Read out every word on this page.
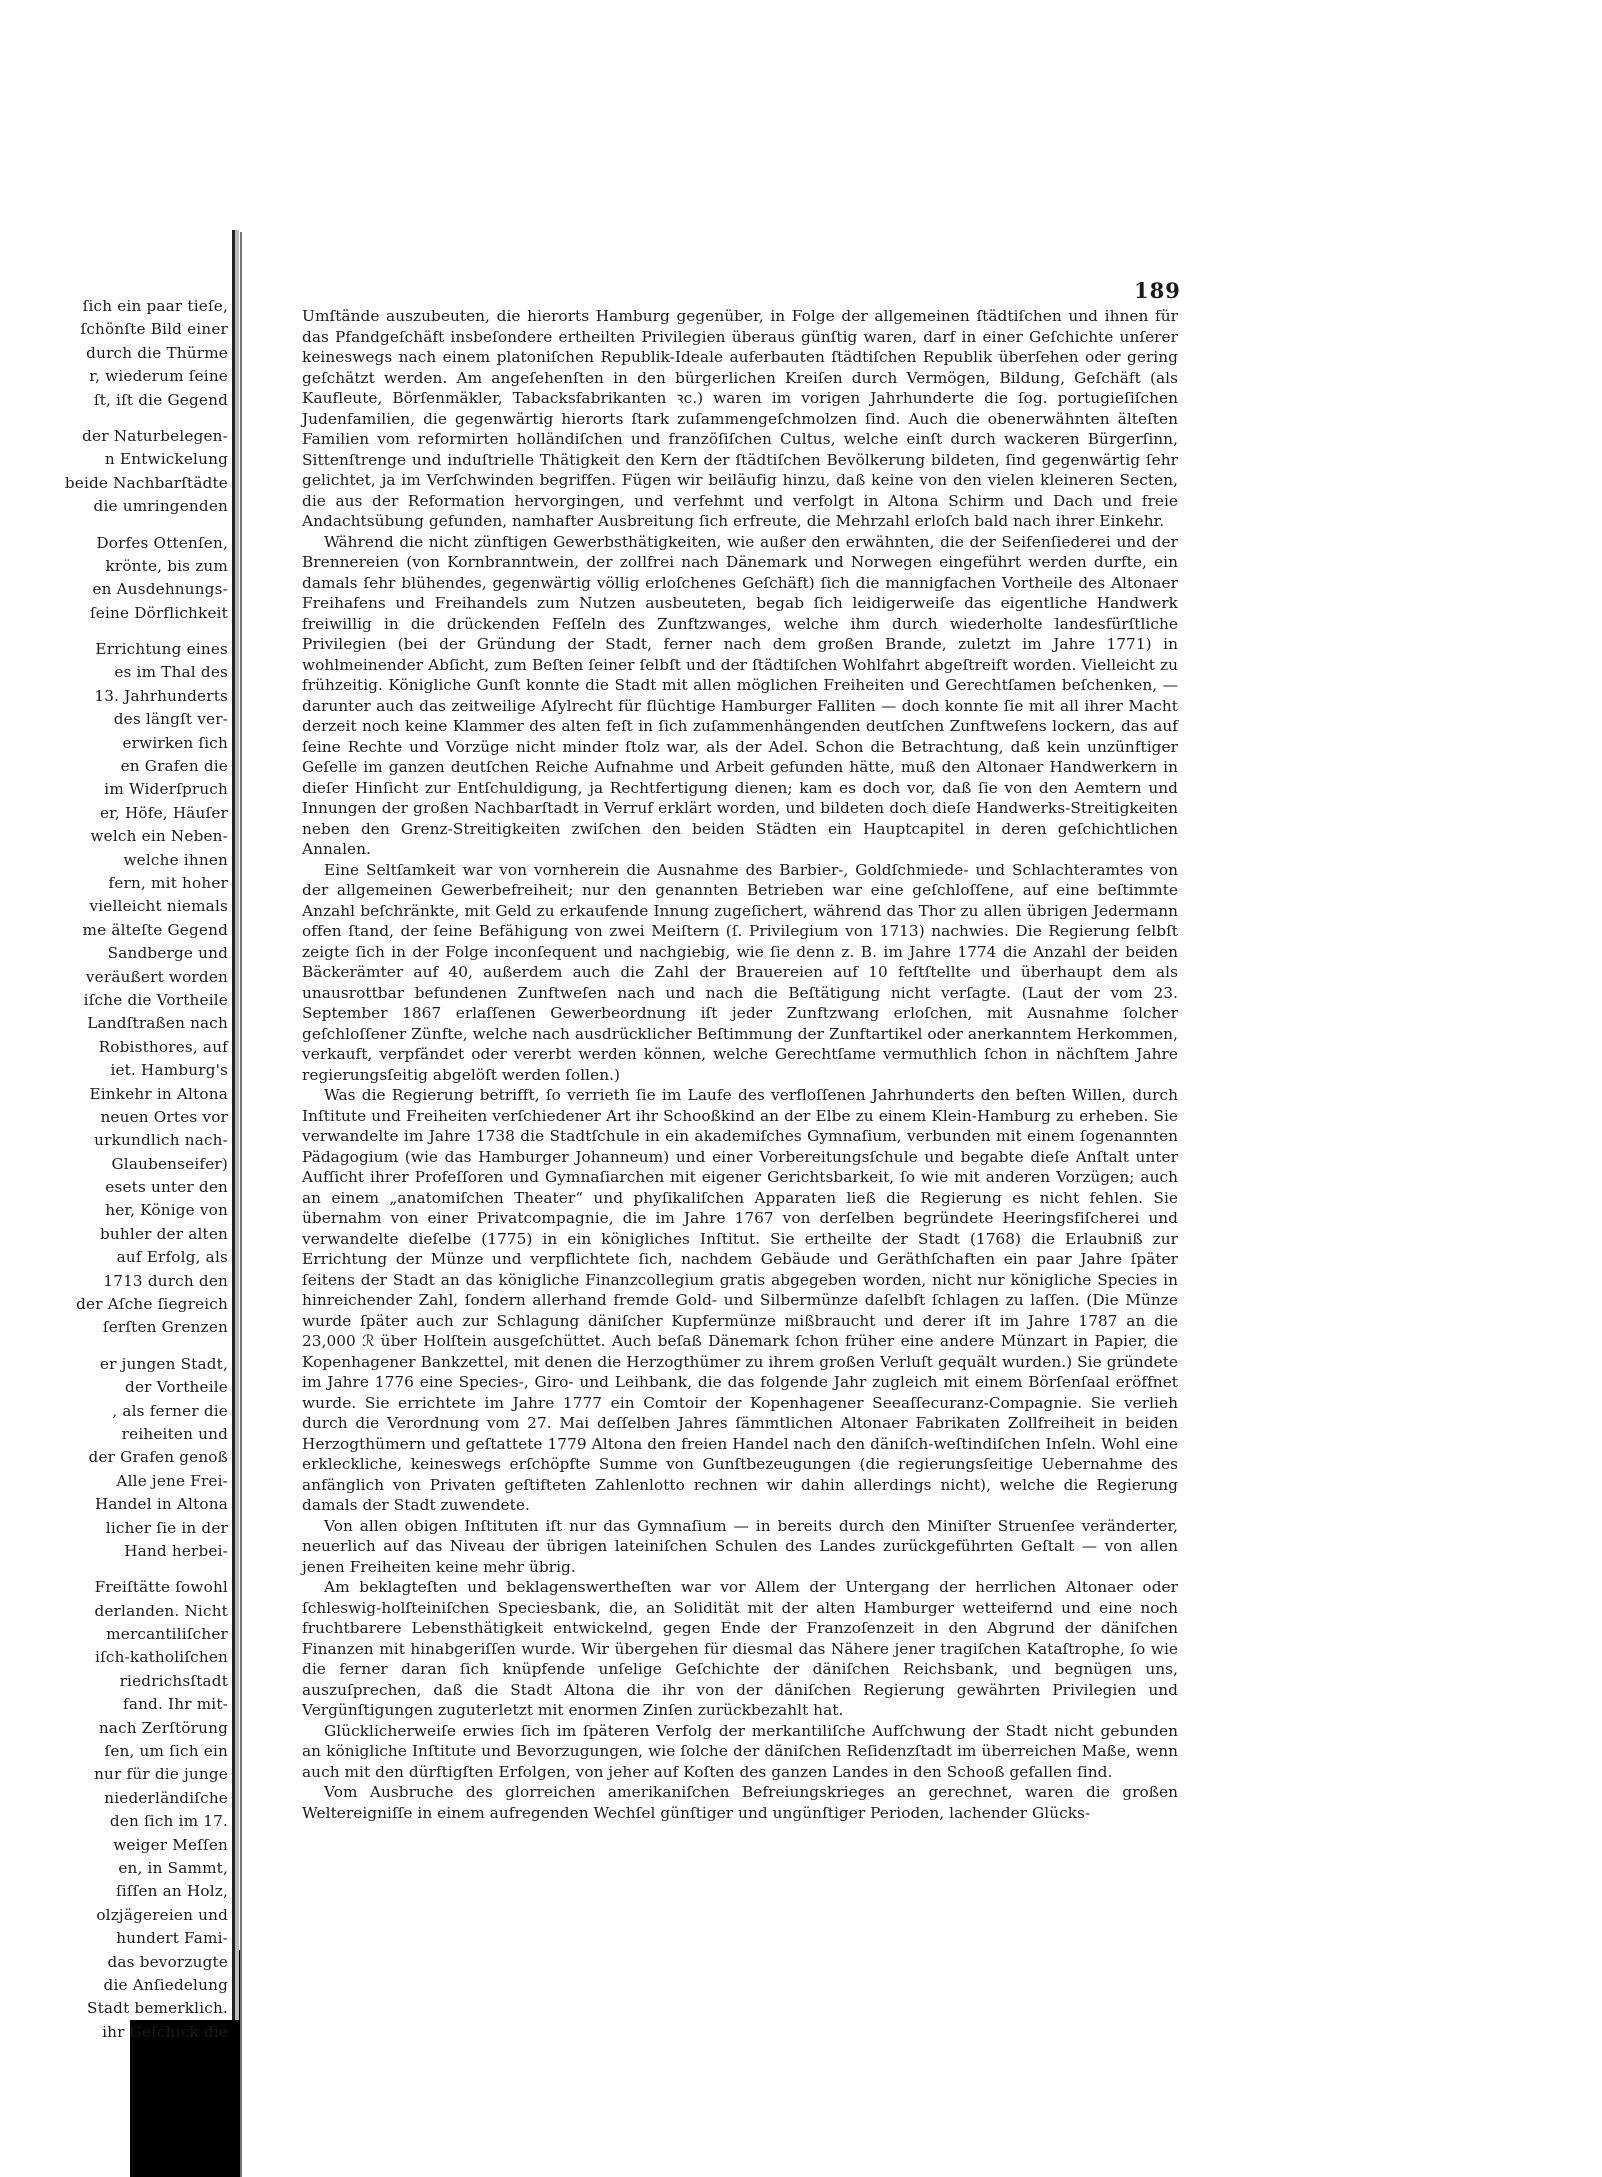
ſich ein paar tieſe,
ſchönſte Bild einer
durch die Thürme
r, wiederum ſeine
ſt, iſt die Gegend
der Naturbelegen-
n Entwickelung
beide Nachbarſtädte
die umringenden
Dorfes Ottenſen,
krönte, bis zum
en Ausdehnungs-
ſeine Dörflichkeit
Errichtung eines
es im Thal des
13. Jahrhunderts
des längſt ver-
erwirken ſich
en Grafen die
im Widerſpruch
er, Höfe, Häuſer
welch ein Neben-
welche ihnen
fern, mit hoher
vielleicht niemals
me älteſte Gegend
Sandberge und
veräußert worden
iſche die Vortheile
Landſtraßen nach
Robisthores, auf
iet. Hamburg's
Einkehr in Altona
neuen Ortes vor
urkundlich nach-
Glaubenseifer)
esets unter den
her, Könige von
buhler der alten
auf Erfolg, als
1713 durch den
der Aſche ſiegreich
ſerſten Grenzen
er jungen Stadt,
der Vortheile
, als ferner die
reiheiten und
der Grafen genoß
Alle jene Frei-
Handel in Altona
licher ſie in der
Hand herbei-
Freiſtätte ſowohl
derlanden. Nicht
mercantiliſcher
iſch-katholiſchen
riedrichsſtadt
fand. Ihr mit-
nach Zerſtörung
ſen, um ſich ein
nur für die junge
niederländiſche
den ſich im 17.
weiger Meſſen
en, in Sammt,
ſiſſen an Holz,
olzjägereien und
hundert Fami-
das bevorzugte
die Anſiedelung
Stadt bemerklich.
ihr Geſchick die
189

Umſtände auszubeuten, die hierorts Hamburg gegenüber, in Folge der allgemeinen ſtädtiſchen und ihnen für das Pfandgeſchäft insbeſondere ertheilten Privilegien überaus günſtig waren, darf in einer Geſchichte unſerer keineswegs nach einem platoniſchen Republik-Ideale auferbauten ſtädtiſchen Republik überſehen oder gering geſchätzt werden. Am angeſehenſten in den bürgerlichen Kreiſen durch Vermögen, Bildung, Geſchäft (als Kaufleute, Börſenmäkler, Tabacksfabrikanten ꝛc.) waren im vorigen Jahrhunderte die ſog. portugieſiſchen Judenfamilien, die gegenwärtig hierorts ſtark zuſammengeſchmolzen ſind. Auch die obenerwähnten älteſten Familien vom reformirten holländiſchen und franzöſiſchen Cultus, welche einſt durch wackeren Bürgerſinn, Sittenſtrenge und induſtrielle Thätigkeit den Kern der ſtädtiſchen Bevölkerung bildeten, ſind gegenwärtig ſehr gelichtet, ja im Verſchwinden begriffen. Fügen wir beiläufig hinzu, daß keine von den vielen kleineren Secten, die aus der Reformation hervorgingen, und verfehmt und verfolgt in Altona Schirm und Dach und freie Andachtsübung gefunden, namhafter Ausbreitung ſich erfreute, die Mehrzahl erloſch bald nach ihrer Einkehr.

Während die nicht zünftigen Gewerbsthätigkeiten, wie außer den erwähnten, die der Seifenſiederei und der Brennereien (von Kornbranntwein, der zollfrei nach Dänemark und Norwegen eingeführt werden durfte, ein damals ſehr blühendes, gegenwärtig völlig erloſchenes Geſchäft) ſich die mannigfachen Vortheile des Altonaer Freihafens und Freihandels zum Nutzen ausbeuteten, begab ſich leidigerweiſe das eigentliche Handwerk freiwillig in die drückenden Feſſeln des Zunftzwanges, welche ihm durch wiederholte landesfürſtliche Privilegien (bei der Gründung der Stadt, ferner nach dem großen Brande, zuletzt im Jahre 1771) in wohlmeinender Abſicht, zum Beſten ſeiner ſelbſt und der ſtädtiſchen Wohlfahrt abgeſtreift worden. Vielleicht zu frühzeitig. Königliche Gunſt konnte die Stadt mit allen möglichen Freiheiten und Gerechtſamen beſchenken, — darunter auch das zeitweilige Aſylrecht für flüchtige Hamburger Falliten — doch konnte ſie mit all ihrer Macht derzeit noch keine Klammer des alten feſt in ſich zuſammenhängenden deutſchen Zunftweſens lockern, das auf ſeine Rechte und Vorzüge nicht minder ſtolz war, als der Adel. Schon die Betrachtung, daß kein unzünftiger Geſelle im ganzen deutſchen Reiche Aufnahme und Arbeit gefunden hätte, muß den Altonaer Handwerkern in dieſer Hinſicht zur Entſchuldigung, ja Rechtfertigung dienen; kam es doch vor, daß ſie von den Aemtern und Innungen der großen Nachbarſtadt in Verruf erklärt worden, und bildeten doch dieſe Handwerks-Streitigkeiten neben den Grenz-Streitigkeiten zwiſchen den beiden Städten ein Hauptcapitel in deren geſchichtlichen Annalen.

Eine Seltſamkeit war von vornherein die Ausnahme des Barbier-, Goldſchmiede- und Schlachteramtes von der allgemeinen Gewerbefreiheit; nur den genannten Betrieben war eine geſchloſſene, auf eine beſtimmte Anzahl beſchränkte, mit Geld zu erkaufende Innung zugeſichert, während das Thor zu allen übrigen Jedermann offen ſtand, der ſeine Befähigung von zwei Meiſtern (ſ. Privilegium von 1713) nachwies. Die Regierung ſelbſt zeigte ſich in der Folge inconſequent und nachgiebig, wie ſie denn z. B. im Jahre 1774 die Anzahl der beiden Bäckerämter auf 40, außerdem auch die Zahl der Brauereien auf 10 feſtſtellte und überhaupt dem als unausrottbar befundenen Zunftweſen nach und nach die Beſtätigung nicht verſagte. (Laut der vom 23. September 1867 erlaſſenen Gewerbeordnung iſt jeder Zunftzwang erloſchen, mit Ausnahme ſolcher geſchloſſener Zünfte, welche nach ausdrücklicher Beſtimmung der Zunftartikel oder anerkanntem Herkommen, verkauft, verpfändet oder vererbt werden können, welche Gerechtſame vermuthlich ſchon in nächſtem Jahre regierungsſeitig abgelöſt werden ſollen.)

Was die Regierung betrifft, ſo verrieth ſie im Laufe des verfloſſenen Jahrhunderts den beſten Willen, durch Inſtitute und Freiheiten verſchiedener Art ihr Schooßkind an der Elbe zu einem Klein-Hamburg zu erheben. Sie verwandelte im Jahre 1738 die Stadtſchule in ein akademiſches Gymnaſium, verbunden mit einem ſogenannten Pädagogium (wie das Hamburger Johanneum) und einer Vorbereitungsſchule und begabte dieſe Anſtalt unter Aufſicht ihrer Profeſſoren und Gymnaſiarchen mit eigener Gerichtsbarkeit, ſo wie mit anderen Vorzügen; auch an einem „anatomiſchen Theater“ und phyſikaliſchen Apparaten ließ die Regierung es nicht fehlen. Sie übernahm von einer Privatcompagnie, die im Jahre 1767 von derſelben begründete Heeringsfiſcherei und verwandelte dieſelbe (1775) in ein königliches Inſtitut. Sie ertheilte der Stadt (1768) die Erlaubniß zur Errichtung der Münze und verpflichtete ſich, nachdem Gebäude und Geräthſchaften ein paar Jahre ſpäter ſeitens der Stadt an das königliche Finanzcollegium gratis abgegeben worden, nicht nur königliche Species in hinreichender Zahl, ſondern allerhand fremde Gold- und Silbermünze daſelbſt ſchlagen zu laſſen. (Die Münze wurde ſpäter auch zur Schlagung däniſcher Kupfermünze mißbraucht und derer iſt im Jahre 1787 an die 23,000 ℛ über Holſtein ausgeſchüttet. Auch beſaß Dänemark ſchon früher eine andere Münzart in Papier, die Kopenhagener Bankzettel, mit denen die Herzogthümer zu ihrem großen Verluſt gequält wurden.) Sie gründete im Jahre 1776 eine Species-, Giro- und Leihbank, die das folgende Jahr zugleich mit einem Börſenſaal eröffnet wurde. Sie errichtete im Jahre 1777 ein Comtoir der Kopenhagener Seeaſſecuranz-Compagnie. Sie verlieh durch die Verordnung vom 27. Mai deſſelben Jahres ſämmtlichen Altonaer Fabrikaten Zollfreiheit in beiden Herzogthümern und geſtattete 1779 Altona den freien Handel nach den däniſch-weſtindiſchen Inſeln. Wohl eine erkleckliche, keineswegs erſchöpfte Summe von Gunſtbezeugungen (die regierungsſeitige Uebernahme des anfänglich von Privaten geſtifteten Zahlenlotto rechnen wir dahin allerdings nicht), welche die Regierung damals der Stadt zuwendete.

Von allen obigen Inſtituten iſt nur das Gymnaſium — in bereits durch den Miniſter Struenſee veränderter, neuerlich auf das Niveau der übrigen lateiniſchen Schulen des Landes zurückgeführten Geſtalt — von allen jenen Freiheiten keine mehr übrig.

Am beklagteſten und beklagenswertheſten war vor Allem der Untergang der herrlichen Altonaer oder ſchleswig-holſteiniſchen Speciesbank, die, an Solidität mit der alten Hamburger wetteifernd und eine noch fruchtbarere Lebensthätigkeit entwickelnd, gegen Ende der Franzoſenzeit in den Abgrund der däniſchen Finanzen mit hinabgeriſſen wurde. Wir übergehen für diesmal das Nähere jener tragiſchen Kataſtrophe, ſo wie die ferner daran ſich knüpfende unſelige Geſchichte der däniſchen Reichsbank, und begnügen uns, auszuſprechen, daß die Stadt Altona die ihr von der däniſchen Regierung gewährten Privilegien und Vergünſtigungen zuguterletzt mit enormen Zinſen zurückbezahlt hat.

Glücklicherweiſe erwies ſich im ſpäteren Verfolg der merkantiliſche Aufſchwung der Stadt nicht gebunden an königliche Inſtitute und Bevorzugungen, wie ſolche der däniſchen Reſidenzſtadt im überreichen Maße, wenn auch mit den dürftigſten Erfolgen, von jeher auf Koſten des ganzen Landes in den Schooß gefallen ſind.

Vom Ausbruche des glorreichen amerikaniſchen Befreiungskrieges an gerechnet, waren die großen Weltereigniſſe in einem aufregenden Wechſel günſtiger und ungünſtiger Perioden, lachender Glücks-
